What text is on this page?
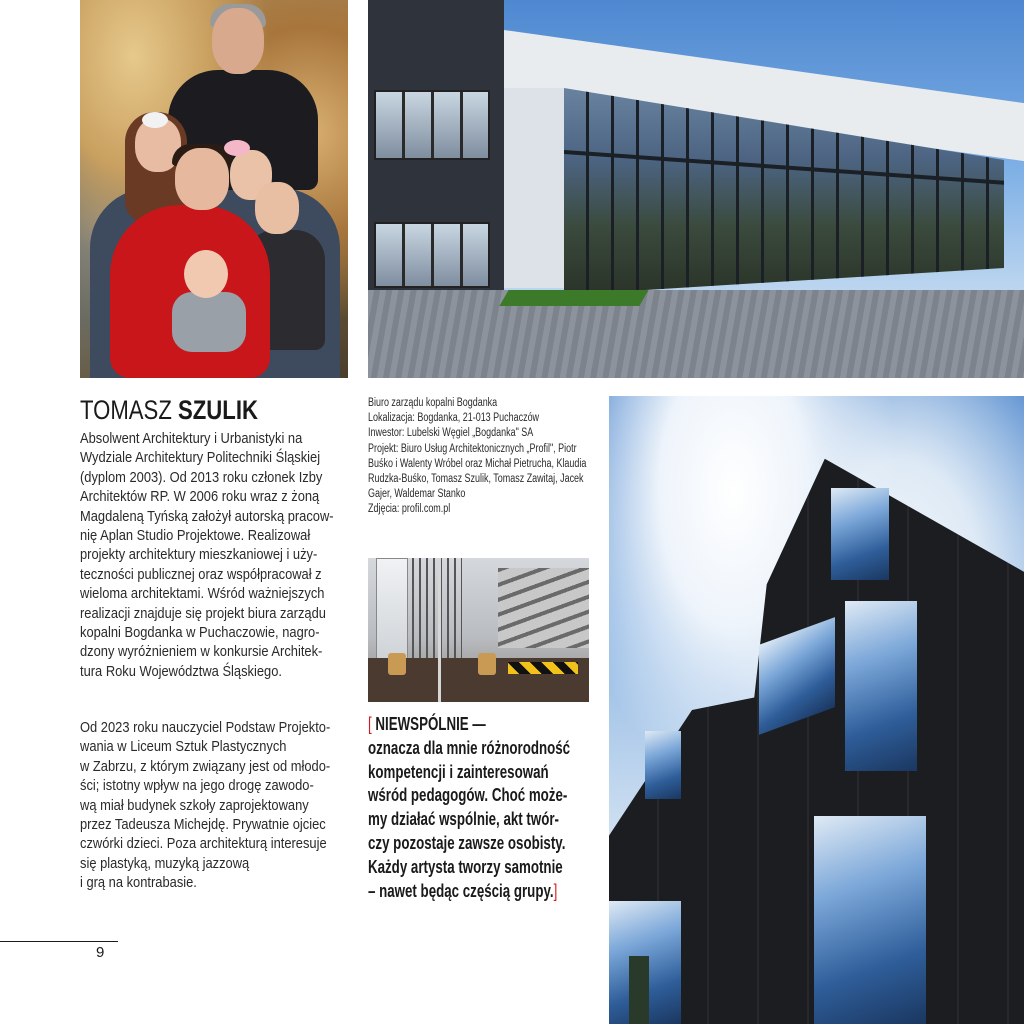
TOMASZ SZULIK
Absolwent Architektury i Urbanistyki na
Wydziale Architektury Politechniki Śląskiej
(dyplom 2003). Od 2013 roku członek Izby
Architektów RP. W 2006 roku wraz z żoną
Magdaleną Tyńską założył autorską pracow-
nię Aplan Studio Projektowe. Realizował
projekty architektury mieszkaniowej i uży-
teczności publicznej oraz współpracował z
wieloma architektami. Wśród ważniejszych
realizacji znajduje się projekt biura zarządu
kopalni Bogdanka w Puchaczowie, nagro-
dzony wyróżnieniem w konkursie Architek-
tura Roku Województwa Śląskiego.
Od 2023 roku nauczyciel Podstaw Projekto-
wania w Liceum Sztuk Plastycznych
w Zabrzu, z którym związany jest od młodo-
ści; istotny wpływ na jego drogę zawodo-
wą miał budynek szkoły zaprojektowany
przez Tadeusza Michejdę. Prywatnie ojciec
czwórki dzieci. Poza architekturą interesuje
się plastyką, muzyką jazzową
i grą na kontrabasie.
9
Biuro zarządu kopalni Bogdanka
Lokalizacja: Bogdanka, 21-013 Puchaczów
Inwestor: Lubelski Węgiel „Bogdanka" SA
Projekt: Biuro Usług Architektonicznych „Profil", Piotr
Buśko i Walenty Wróbel oraz Michał Pietrucha, Klaudia
Rudzka-Buśko, Tomasz Szulik, Tomasz Zawitaj, Jacek
Gajer, Waldemar Stanko
Zdjęcia: profil.com.pl
[ NIEWSPÓLNIE —
oznacza dla mnie różnorodność
kompetencji i zainteresowań
wśród pedagogów. Choć może-
my działać wspólnie, akt twór-
czy pozostaje zawsze osobisty.
Każdy artysta tworzy samotnie
– nawet będąc częścią grupy.]
